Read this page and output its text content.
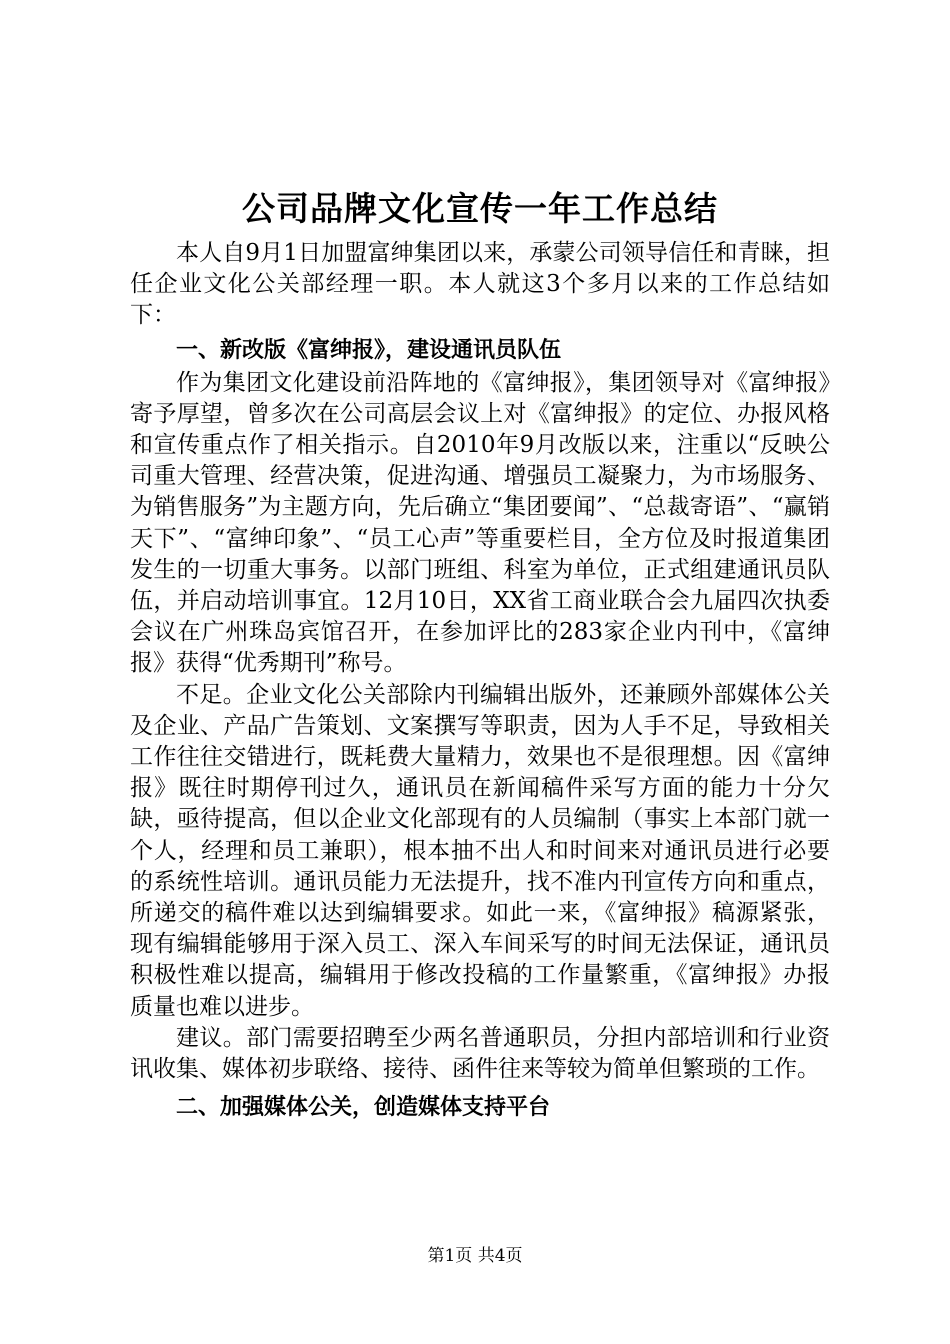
公司品牌文化宣传一年工作总结

本人自9月1日加盟富绅集团以来，承蒙公司领导信任和青睐，担任企业文化公关部经理一职。本人就这3个多月以来的工作总结如下：

一、新改版《富绅报》，建设通讯员队伍

作为集团文化建设前沿阵地的《富绅报》，集团领导对《富绅报》寄予厚望，曾多次在公司高层会议上对《富绅报》的定位、办报风格和宣传重点作了相关指示。自2010年9月改版以来，注重以“反映公司重大管理、经营决策，促进沟通、增强员工凝聚力，为市场服务、为销售服务”为主题方向，先后确立“集团要闻”、“总裁寄语”、“赢销天下”、“富绅印象”、“员工心声”等重要栏目，全方位及时报道集团发生的一切重大事务。以部门班组、科室为单位，正式组建通讯员队伍，并启动培训事宜。12月10日，XX省工商业联合会九届四次执委会议在广州珠岛宾馆召开，在参加评比的283家企业内刊中，《富绅报》获得“优秀期刊”称号。

不足。企业文化公关部除内刊编辑出版外，还兼顾外部媒体公关及企业、产品广告策划、文案撰写等职责，因为人手不足，导致相关工作往往交错进行，既耗费大量精力，效果也不是很理想。因《富绅报》既往时期停刊过久，通讯员在新闻稿件采写方面的能力十分欠缺，亟待提高，但以企业文化部现有的人员编制（事实上本部门就一个人，经理和员工兼职），根本抽不出人和时间来对通讯员进行必要的系统性培训。通讯员能力无法提升，找不准内刊宣传方向和重点，所递交的稿件难以达到编辑要求。如此一来，《富绅报》稿源紧张，现有编辑能够用于深入员工、深入车间采写的时间无法保证，通讯员积极性难以提高，编辑用于修改投稿的工作量繁重，《富绅报》办报质量也难以进步。

建议。部门需要招聘至少两名普通职员，分担内部培训和行业资讯收集、媒体初步联络、接待、函件往来等较为简单但繁琐的工作。

二、加强媒体公关，创造媒体支持平台

第1页 共4页
